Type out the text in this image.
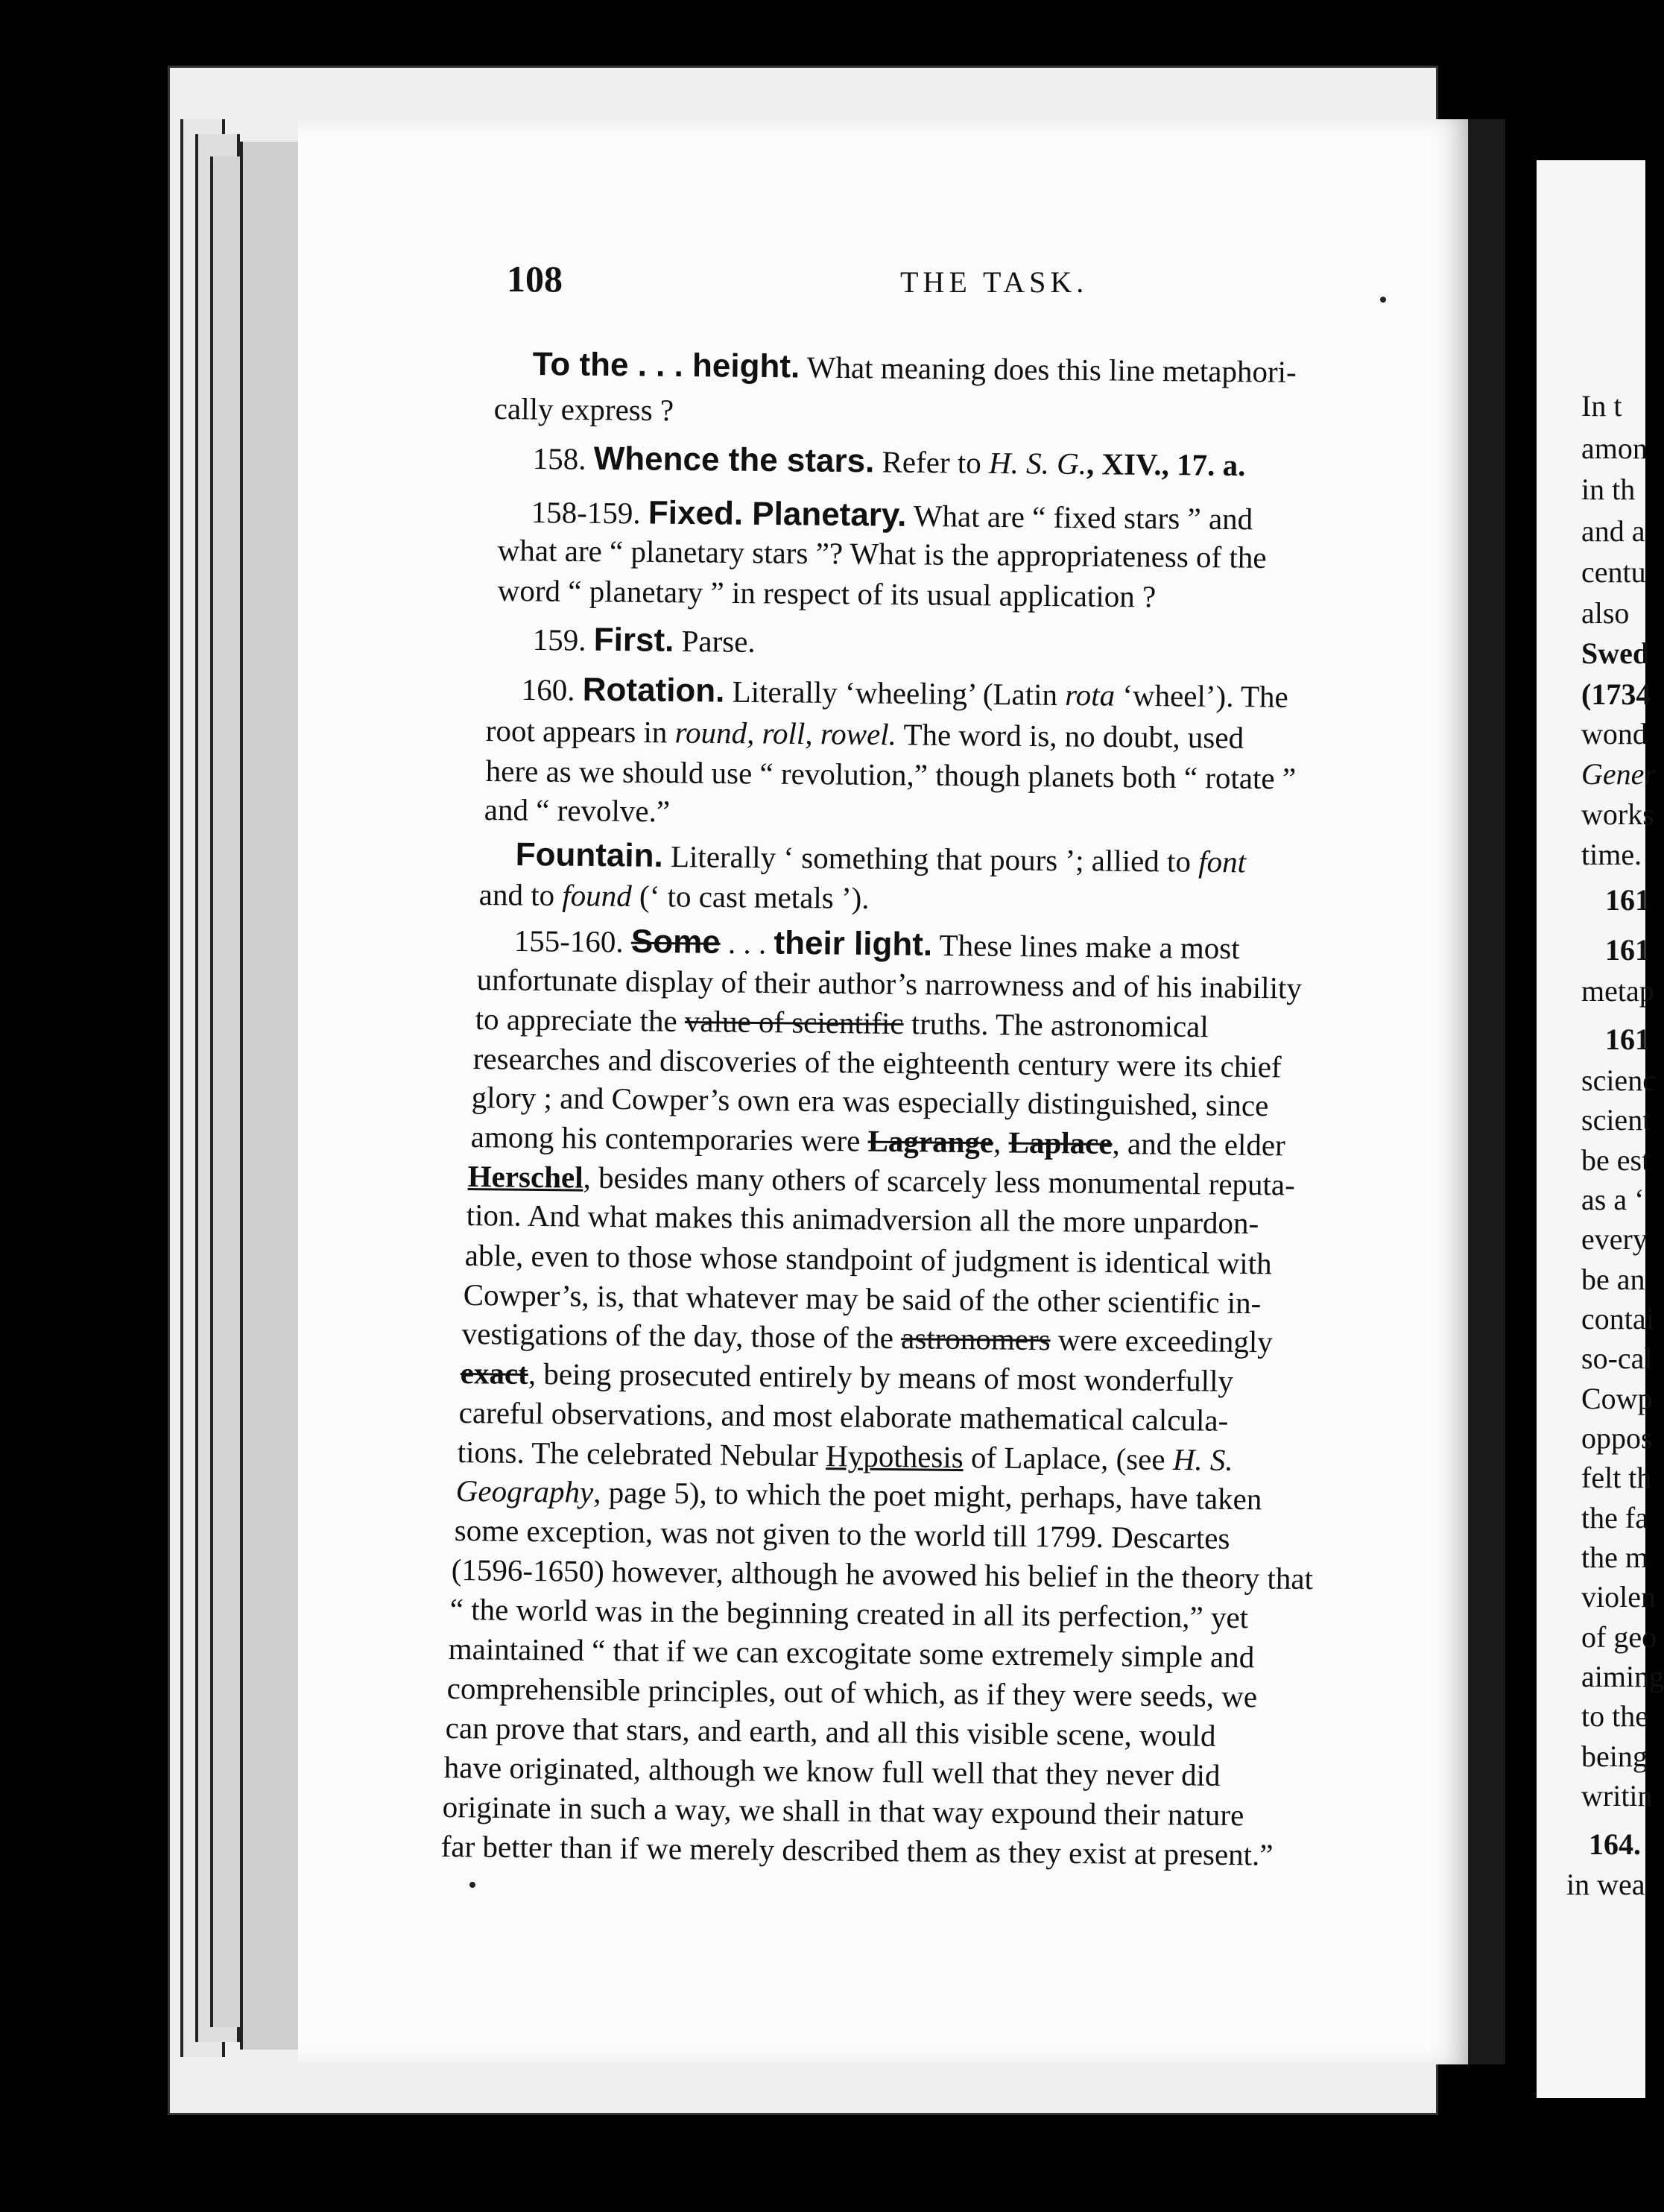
108	THE TASK.
To the . . . height. What meaning does this line metaphori-
cally express ?
158. Whence the stars. Refer to H. S. G., XIV., 17. a.
158-159. Fixed. Planetary. What are “ fixed stars ” and
what are “ planetary stars ”? What is the appropriateness of the
word “ planetary ” in respect of its usual application ?
159. First. Parse.
160. Rotation. Literally ‘wheeling’ (Latin rota ‘wheel’). The
root appears in round, roll, rowel. The word is, no doubt, used
here as we should use “ revolution,” though planets both “ rotate ”
and “ revolve.”
Fountain. Literally ‘ something that pours ’; allied to font
and to found (‘ to cast metals ’).
155-160. Some . . . their light. These lines make a most
unfortunate display of their author’s narrowness and of his inability
to appreciate the value of scientific truths. The astronomical
researches and discoveries of the eighteenth century were its chief
glory ; and Cowper’s own era was especially distinguished, since
among his contemporaries were Lagrange, Laplace, and the elder
Herschel, besides many others of scarcely less monumental reputa-
tion. And what makes this animadversion all the more unpardon-
able, even to those whose standpoint of judgment is identical with
Cowper’s, is, that whatever may be said of the other scientific in-
vestigations of the day, those of the astronomers were exceedingly
exact, being prosecuted entirely by means of most wonderfully
careful observations, and most elaborate mathematical calcula-
tions. The celebrated Nebular Hypothesis of Laplace, (see H. S.
Geography, page 5), to which the poet might, perhaps, have taken
some exception, was not given to the world till 1799. Descartes
(1596-1650) however, although he avowed his belief in the theory that
“ the world was in the beginning created in all its perfection,” yet
maintained “ that if we can excogitate some extremely simple and
comprehensible principles, out of which, as if they were seeds, we
can prove that stars, and earth, and all this visible scene, would
have originated, although we know full well that they never did
originate in such a way, we shall in that way expound their nature
far better than if we merely described them as they exist at present.”
In t
amon
in th
and a
centu
also
Swed
(1734
wond
Gener
works
time.
161
161
metap
161
scienc
scient
be est
as a ‘
every
be an
contai
so-cal
Cowp
oppos
felt th
the fa
the m
violen
of geo
aiming
to the
being
writin
164.
in wea
